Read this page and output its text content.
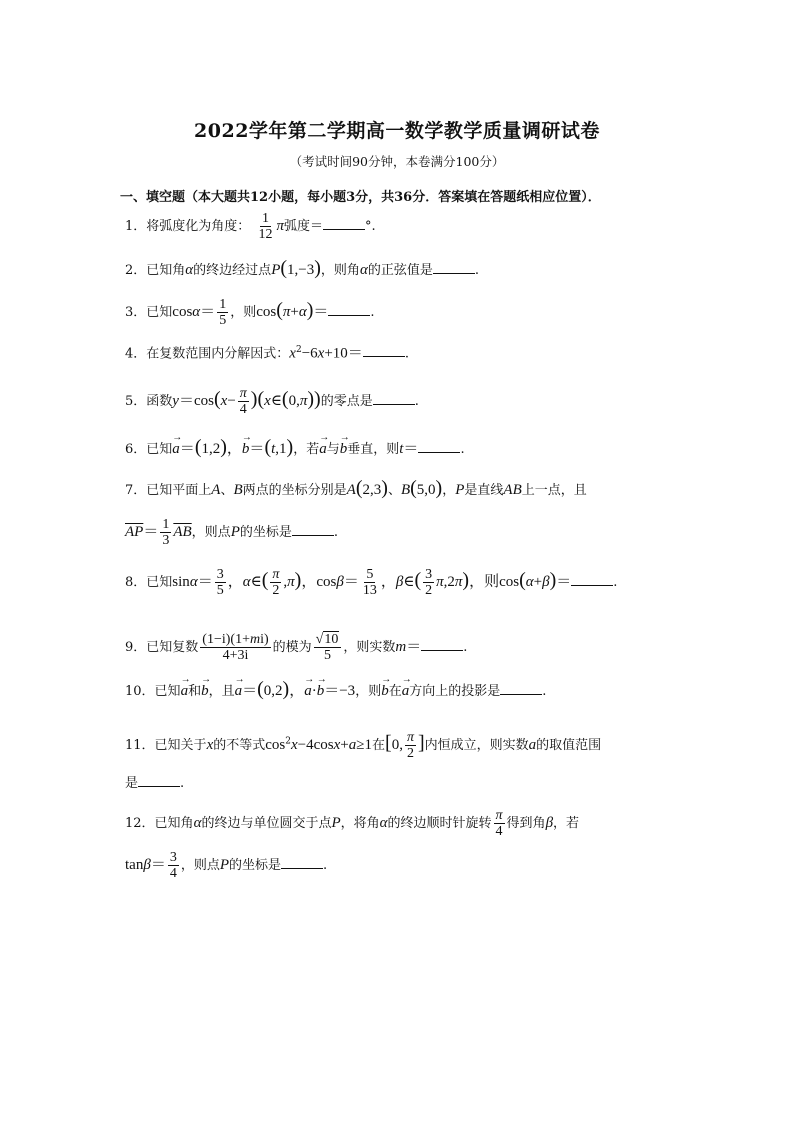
2022学年第二学期高一数学教学质量调研试卷
（考试时间90分钟，本卷满分100分）
一、填空题（本大题共12小题，每小题3分，共36分．答案填在答题纸相应位置）．
1．将弧度化为角度： $\frac{1}{12}$ π弧度＝	°.
2．已知角α的终边经过点P(1,−3)，则角α的正弦值是	.
3．已知$\cos\alpha= \frac{1}{5}$ ，则cos(π+α)＝	.
4．在复数范围内分解因式：$x^2-6x+10=$	.
5．函数$y=\cos(x- \frac{\pi}{4}$ )(x∈(0,π))的零点是	.
6．已知→ a＝(1,2)，→ b＝(t,1)，若→ a与→ b垂直，则t＝	.
7．已知平面上A、B两点的坐标分别是A(2,3)、B(5,0)，P是直线AB上一点，且
$\overline{AP}= \frac{1}{3} \overline{AB}$，则点P的坐标是	.
8．已知$\sin\alpha= \frac{3}{5}$ ，α∈( $\frac{\pi}{2} ,\pi$)，$\cos\beta= \frac{5}{13}$ ，β∈( $\frac{3}{2} \pi,2\pi$)，则cos(α+β)＝	.
9．已知复数 $\frac{(1-i)(1+mi)}{4+3i}$ 的模为 $\frac{√10}{5}$ ，则实数m＝	.
10．已知→ a和→ b，且→ a＝(0,2)，→ a·→ b＝−3，则→ b在→ a方向上的投影是	.
11．已知关于x的不等式$\cos^2x-4\cos x+a\ge 1$在[0, $\frac{\pi}{2}$ ]内恒成立，则实数a的取值范围
是	.
12．已知角α的终边与单位圆交于点P，将角α的终边顺时针旋转 $\frac{\pi}{4}$ 得到角β，若
$\tan\beta= \frac{3}{4}$ ，则点P的坐标是	.
